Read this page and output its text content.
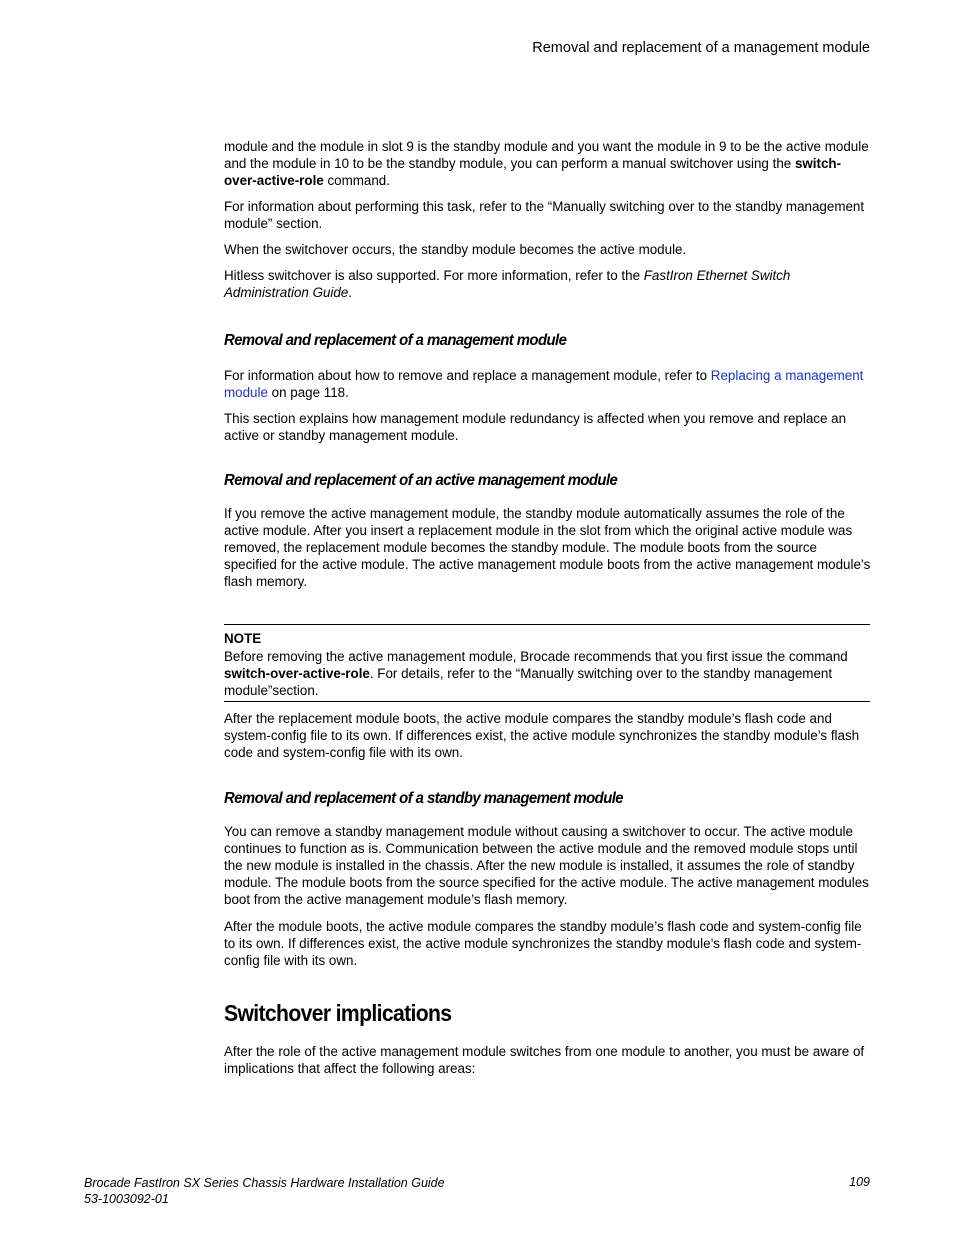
Removal and replacement of a management module

module and the module in slot 9 is the standby module and you want the module in 9 to be the active module and the module in 10 to be the standby module, you can perform a manual switchover using the switch-over-active-role command.

For information about performing this task, refer to the “Manually switching over to the standby management module” section.

When the switchover occurs, the standby module becomes the active module.

Hitless switchover is also supported. For more information, refer to the FastIron Ethernet Switch Administration Guide.

Removal and replacement of a management module

For information about how to remove and replace a management module, refer to Replacing a management module on page 118.

This section explains how management module redundancy is affected when you remove and replace an active or standby management module.

Removal and replacement of an active management module

If you remove the active management module, the standby module automatically assumes the role of the active module. After you insert a replacement module in the slot from which the original active module was removed, the replacement module becomes the standby module. The module boots from the source specified for the active module. The active management module boots from the active management module’s flash memory.

NOTE

Before removing the active management module, Brocade recommends that you first issue the command switch-over-active-role. For details, refer to the “Manually switching over to the standby management module”section.

After the replacement module boots, the active module compares the standby module’s flash code and system-config file to its own. If differences exist, the active module synchronizes the standby module’s flash code and system-config file with its own.

Removal and replacement of a standby management module

You can remove a standby management module without causing a switchover to occur. The active module continues to function as is. Communication between the active module and the removed module stops until the new module is installed in the chassis. After the new module is installed, it assumes the role of standby module. The module boots from the source specified for the active module. The active management modules boot from the active management module’s flash memory.

After the module boots, the active module compares the standby module’s flash code and system-config file to its own. If differences exist, the active module synchronizes the standby module’s flash code and system-config file with its own.

Switchover implications

After the role of the active management module switches from one module to another, you must be aware of implications that affect the following areas:

Brocade FastIron SX Series Chassis Hardware Installation Guide
53-1003092-01
109
